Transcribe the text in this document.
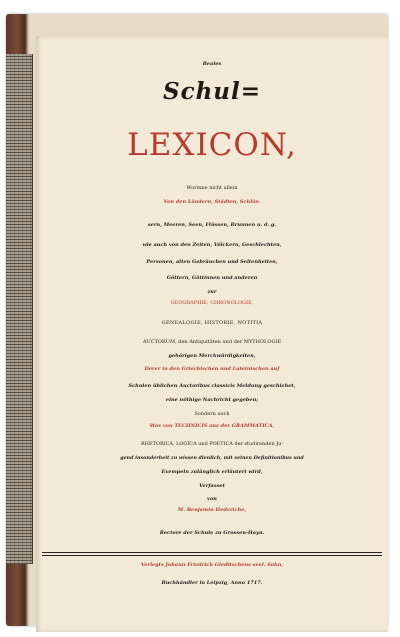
Reales
Schul=
LEXICON,
Worinne nicht allein
Von den Ländern, Städten, Schlös-
sern, Meeren, Seen, Flüssen, Brunnen u. d. g.
wie auch von den Zeiten, Völckern, Geschlechten,
Personen, alten Gebräuchen und Seltenheiten,
Göttern, Göttinnen und anderen
zur
GEOGRAPHIE, CHRONOLOGIE,
GENEALOGIE, HISTORIE, NOTITIA
AUCTORUM, den Antiquitäten und der MYTHOLOGIE
gehörigen Merckwürdigkeiten,
Derer in den Griechischen und Lateinischen auf
Schulen üblichen Auctoribus classicis Meldung geschiehet,
eine nöthige Nachricht gegeben;
Sondern auch
Was von TECHNICIS aus der GRAMMATICA,
RHETORICA, LOGICA und POETICA der studirenden Ju-
gend insonderheit zu wissen dienlich, mit seinen Definitionibus und
Exempeln zulänglich erläutert wird,
Verfasset
von
M. Benjamin Hederiche,
Rectore der Schule zu Grossen-Hayn.
Verlegts Johann Friedrich Gleditschens seel. Sohn,
Buchhändler in Leipzig, Anno 1717.
